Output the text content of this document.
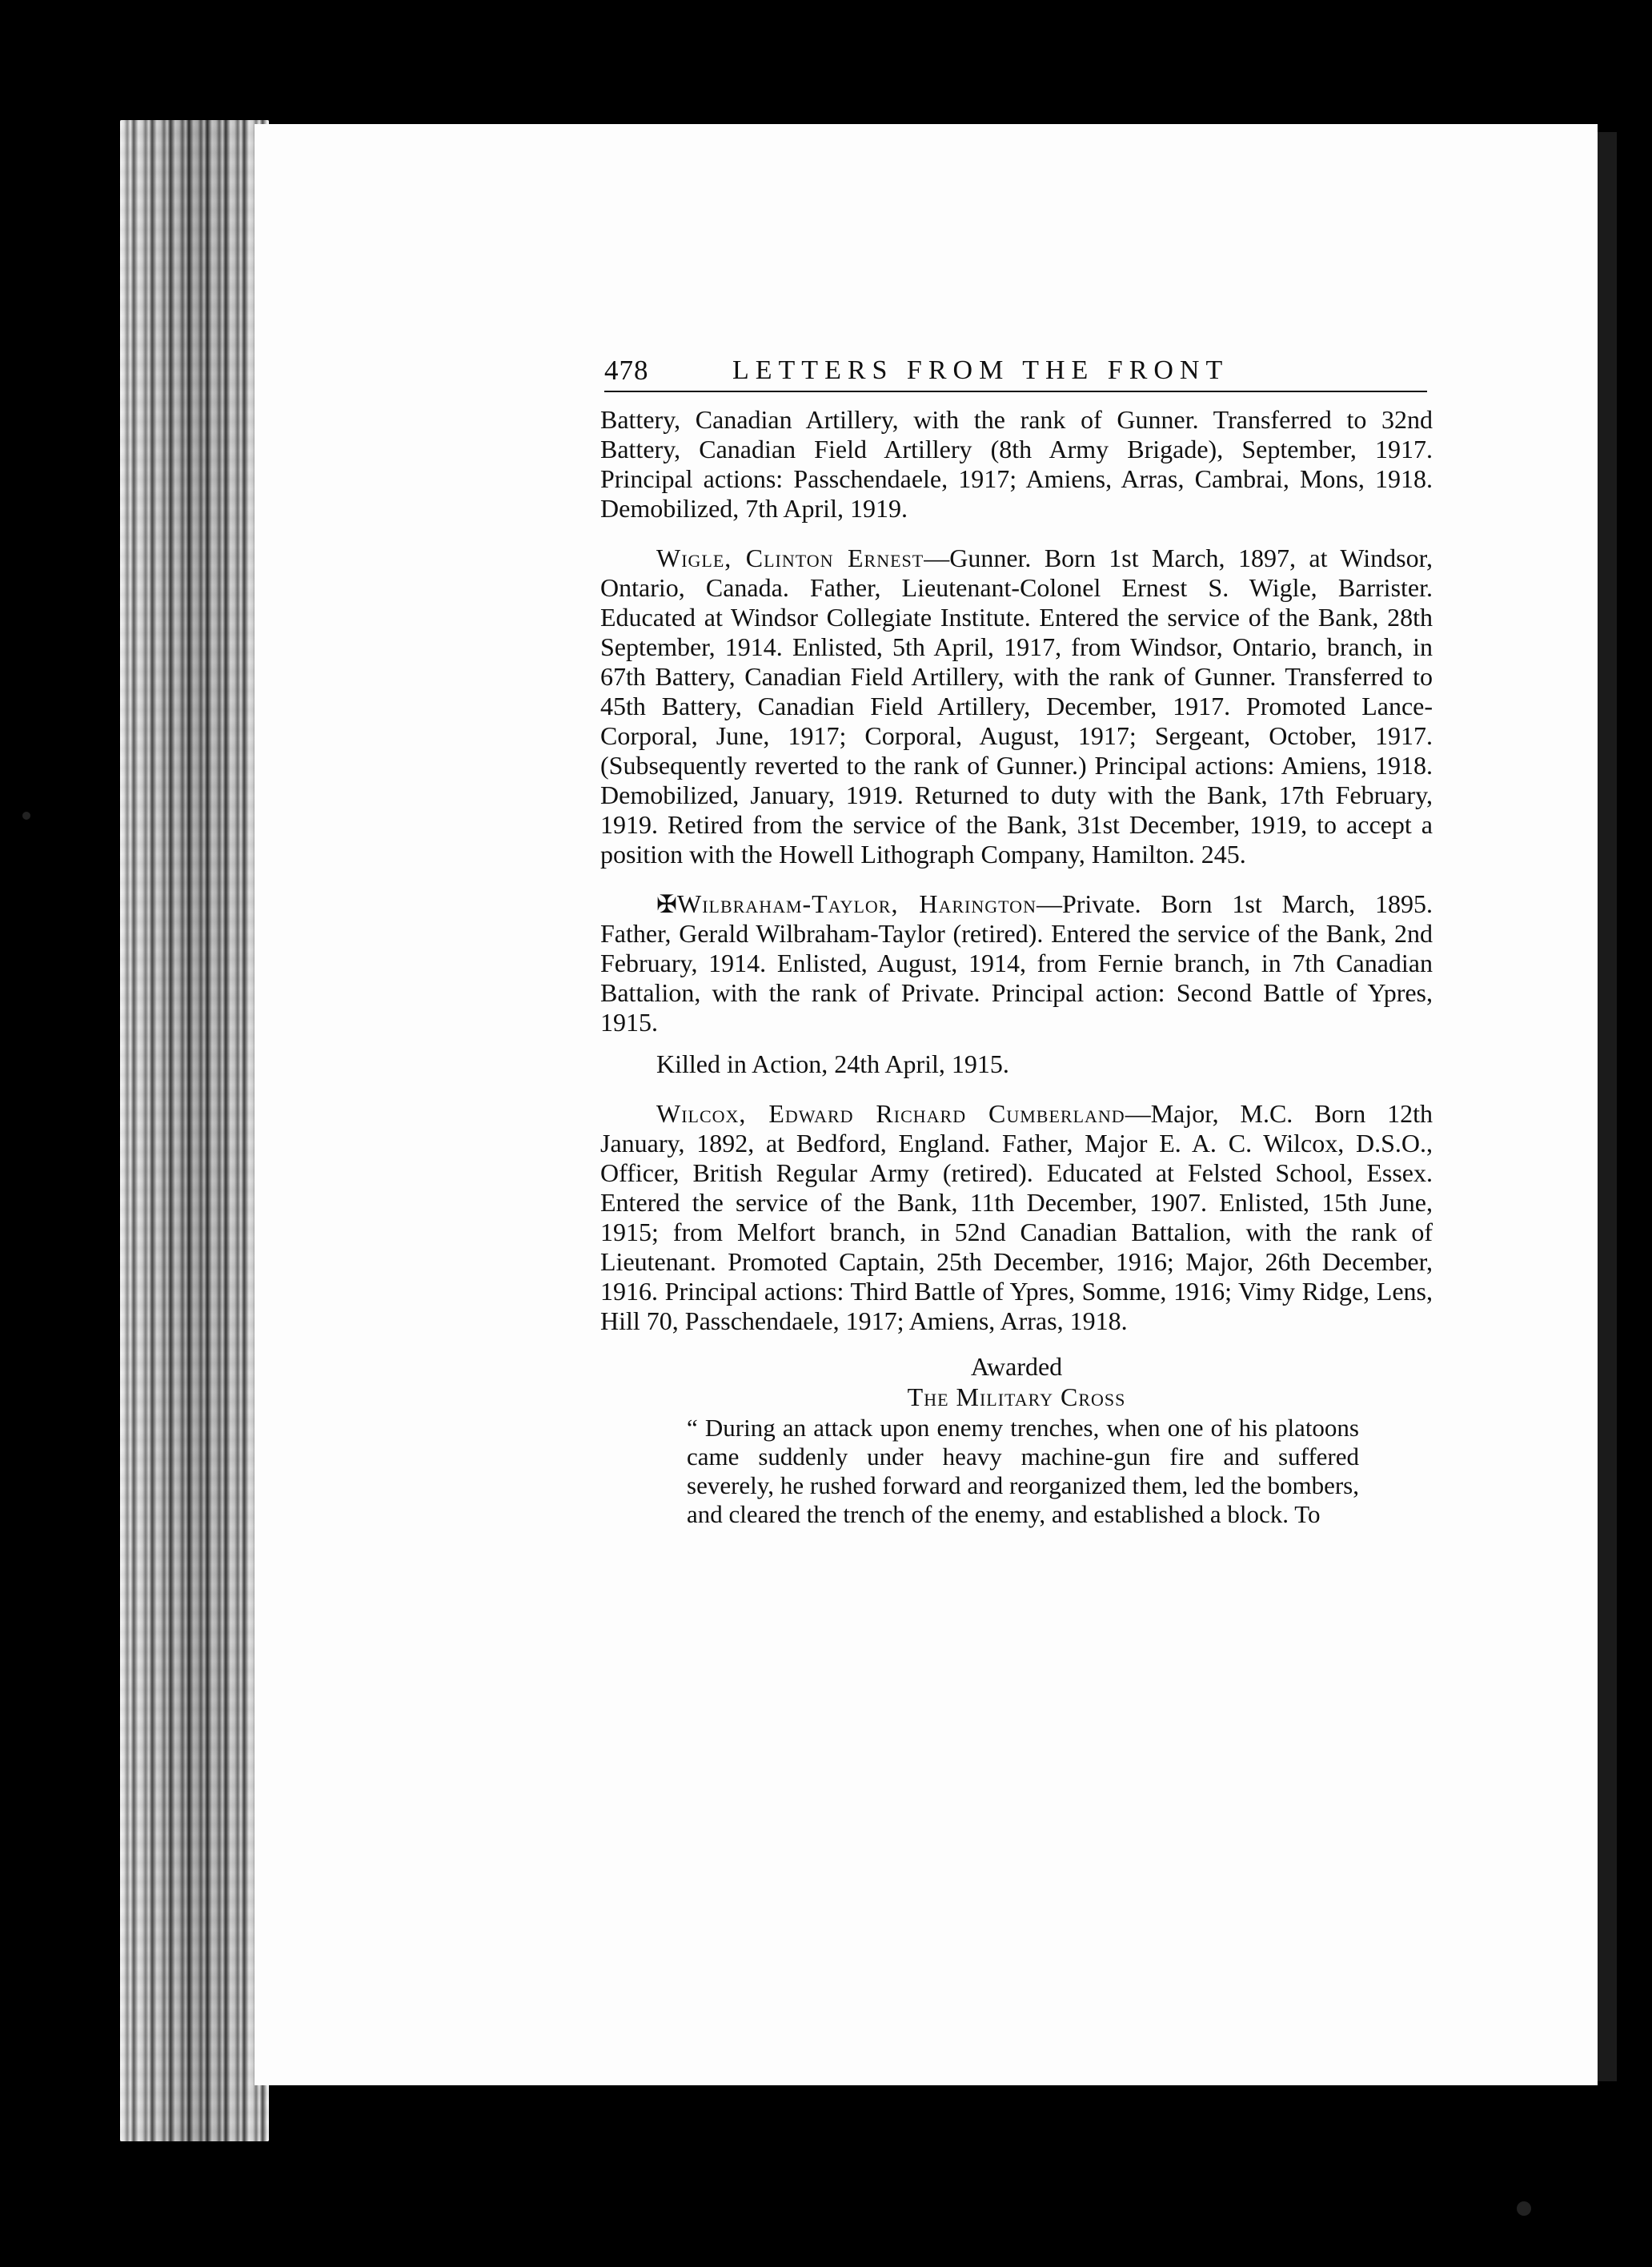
478	LETTERS FROM THE FRONT

Battery, Canadian Artillery, with the rank of Gunner. Transferred to 32nd Battery, Canadian Field Artillery (8th Army Brigade), September, 1917. Principal actions: Passchendaele, 1917; Amiens, Arras, Cambrai, Mons, 1918. Demobilized, 7th April, 1919.

Wigle, Clinton Ernest—Gunner. Born 1st March, 1897, at Windsor, Ontario, Canada. Father, Lieutenant-Colonel Ernest S. Wigle, Barrister. Educated at Windsor Collegiate Institute. Entered the service of the Bank, 28th September, 1914. Enlisted, 5th April, 1917, from Windsor, Ontario, branch, in 67th Battery, Canadian Field Artillery, with the rank of Gunner. Transferred to 45th Battery, Canadian Field Artillery, December, 1917. Promoted Lance-Corporal, June, 1917; Corporal, August, 1917; Sergeant, October, 1917. (Subsequently reverted to the rank of Gunner.) Principal actions: Amiens, 1918. Demobilized, January, 1919. Returned to duty with the Bank, 17th February, 1919. Retired from the service of the Bank, 31st December, 1919, to accept a position with the Howell Lithograph Company, Hamilton. 245.

✠Wilbraham-Taylor, Harington—Private. Born 1st March, 1895. Father, Gerald Wilbraham-Taylor (retired). Entered the service of the Bank, 2nd February, 1914. Enlisted, August, 1914, from Fernie branch, in 7th Canadian Battalion, with the rank of Private. Principal action: Second Battle of Ypres, 1915.

Killed in Action, 24th April, 1915.

Wilcox, Edward Richard Cumberland—Major, M.C. Born 12th January, 1892, at Bedford, England. Father, Major E. A. C. Wilcox, D.S.O., Officer, British Regular Army (retired). Educated at Felsted School, Essex. Entered the service of the Bank, 11th December, 1907. Enlisted, 15th June, 1915; from Melfort branch, in 52nd Canadian Battalion, with the rank of Lieutenant. Promoted Captain, 25th December, 1916; Major, 26th December, 1916. Principal actions: Third Battle of Ypres, Somme, 1916; Vimy Ridge, Lens, Hill 70, Passchendaele, 1917; Amiens, Arras, 1918.

Awarded
The Military Cross
“ During an attack upon enemy trenches, when one of his platoons came suddenly under heavy machine-gun fire and suffered severely, he rushed forward and reorganized them, led the bombers, and cleared the trench of the enemy, and established a block. To
